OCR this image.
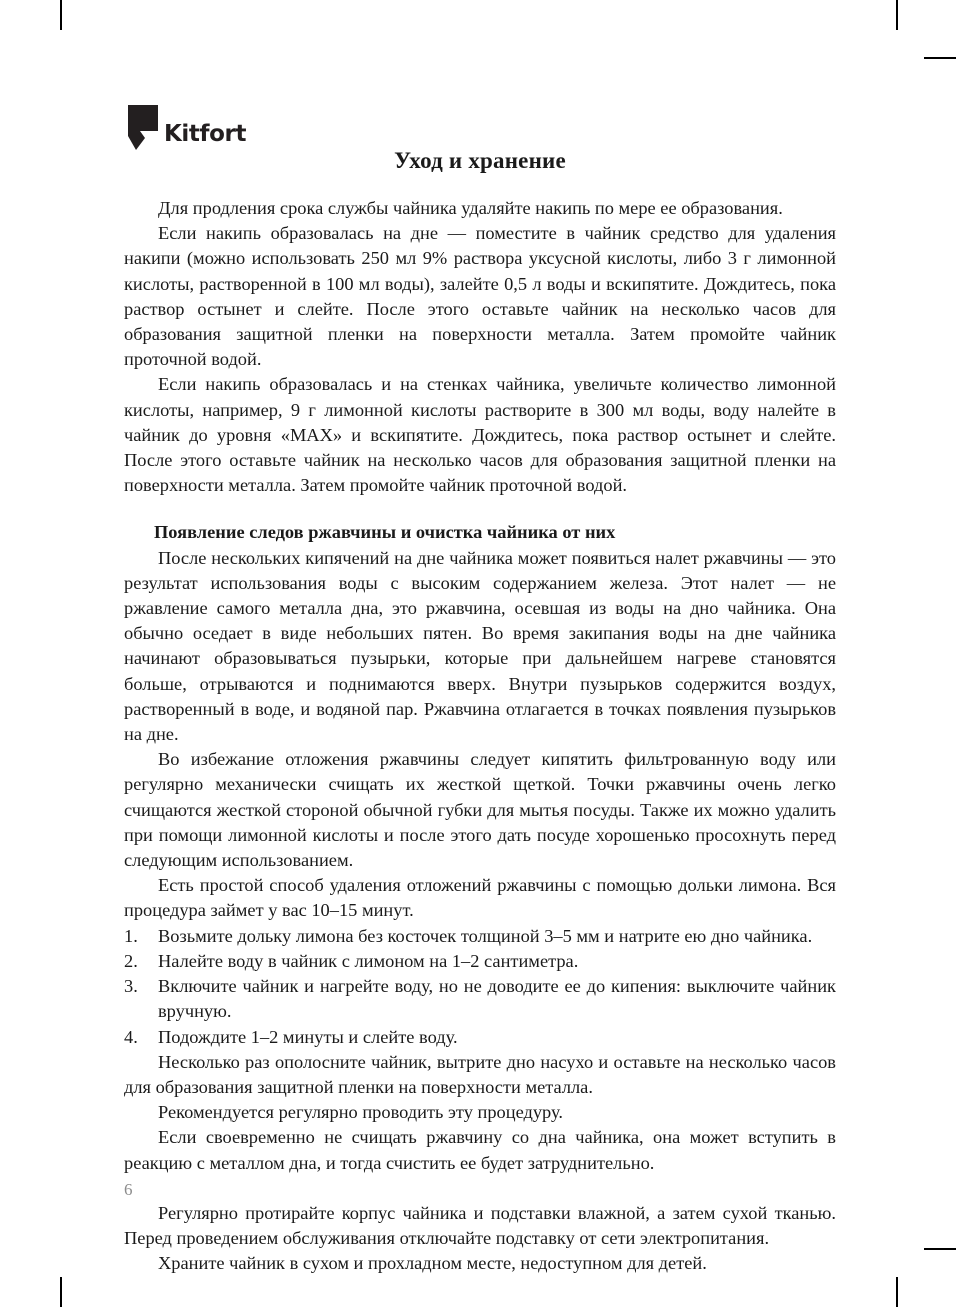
Kitfort
Уход и хранение

Для продления срока службы чайника удаляйте накипь по мере ее образования.

Если накипь образовалась на дне — поместите в чайник средство для удаления накипи (можно использовать 250 мл 9% раствора уксусной кислоты, либо 3 г лимонной кислоты, растворенной в 100 мл воды), залейте 0,5 л воды и вскипятите. Дождитесь, пока раствор остынет и слейте. После этого оставьте чайник на несколько часов для образования защитной пленки на поверхности металла. Затем промойте чайник проточной водой.

Если накипь образовалась и на стенках чайника, увеличьте количество лимонной кислоты, например, 9 г лимонной кислоты растворите в 300 мл воды, воду налейте в чайник до уровня «MAX» и вскипятите. Дождитесь, пока раствор остынет и слейте. После этого оставьте чайник на несколько часов для образования защитной пленки на поверхности металла. Затем промойте чайник проточной водой.

Появление следов ржавчины и очистка чайника от них

После нескольких кипячений на дне чайника может появиться налет ржавчины — это результат использования воды с высоким содержанием железа. Этот налет — не ржавление самого металла дна, это ржавчина, осевшая из воды на дно чайника. Она обычно оседает в виде небольших пятен. Во время закипания воды на дне чайника начинают образовываться пузырьки, которые при дальнейшем нагреве становятся больше, отрываются и поднимаются вверх. Внутри пузырьков содержится воздух, растворенный в воде, и водяной пар. Ржавчина отлагается в точках появления пузырьков на дне.

Во избежание отложения ржавчины следует кипятить фильтрованную воду или регулярно механически счищать их жесткой щеткой. Точки ржавчины очень легко счищаются жесткой стороной обычной губки для мытья посуды. Также их можно удалить при помощи лимонной кислоты и после этого дать посуде хорошенько просохнуть перед следующим использованием.

Есть простой способ удаления отложений ржавчины с помощью дольки лимона. Вся процедура займет у вас 10–15 минут.

Возьмите дольку лимона без косточек толщиной 3–5 мм и натрите ею дно чайника.
Налейте воду в чайник с лимоном на 1–2 сантиметра.
Включите чайник и нагрейте воду, но не доводите ее до кипения: выключите чайник вручную.
Подождите 1–2 минуты и слейте воду.

Несколько раз ополосните чайник, вытрите дно насухо и оставьте на несколько часов для образования защитной пленки на поверхности металла.

Рекомендуется регулярно проводить эту процедуру.

Если своевременно не счищать ржавчину со дна чайника, она может вступить в реакцию с металлом дна, и тогда счистить ее будет затруднительно.

Регулярно протирайте корпус чайника и подставки влажной, а затем сухой тканью. Перед проведением обслуживания отключайте подставку от сети электропитания.

Храните чайник в сухом и прохладном месте, недоступном для детей.

6
